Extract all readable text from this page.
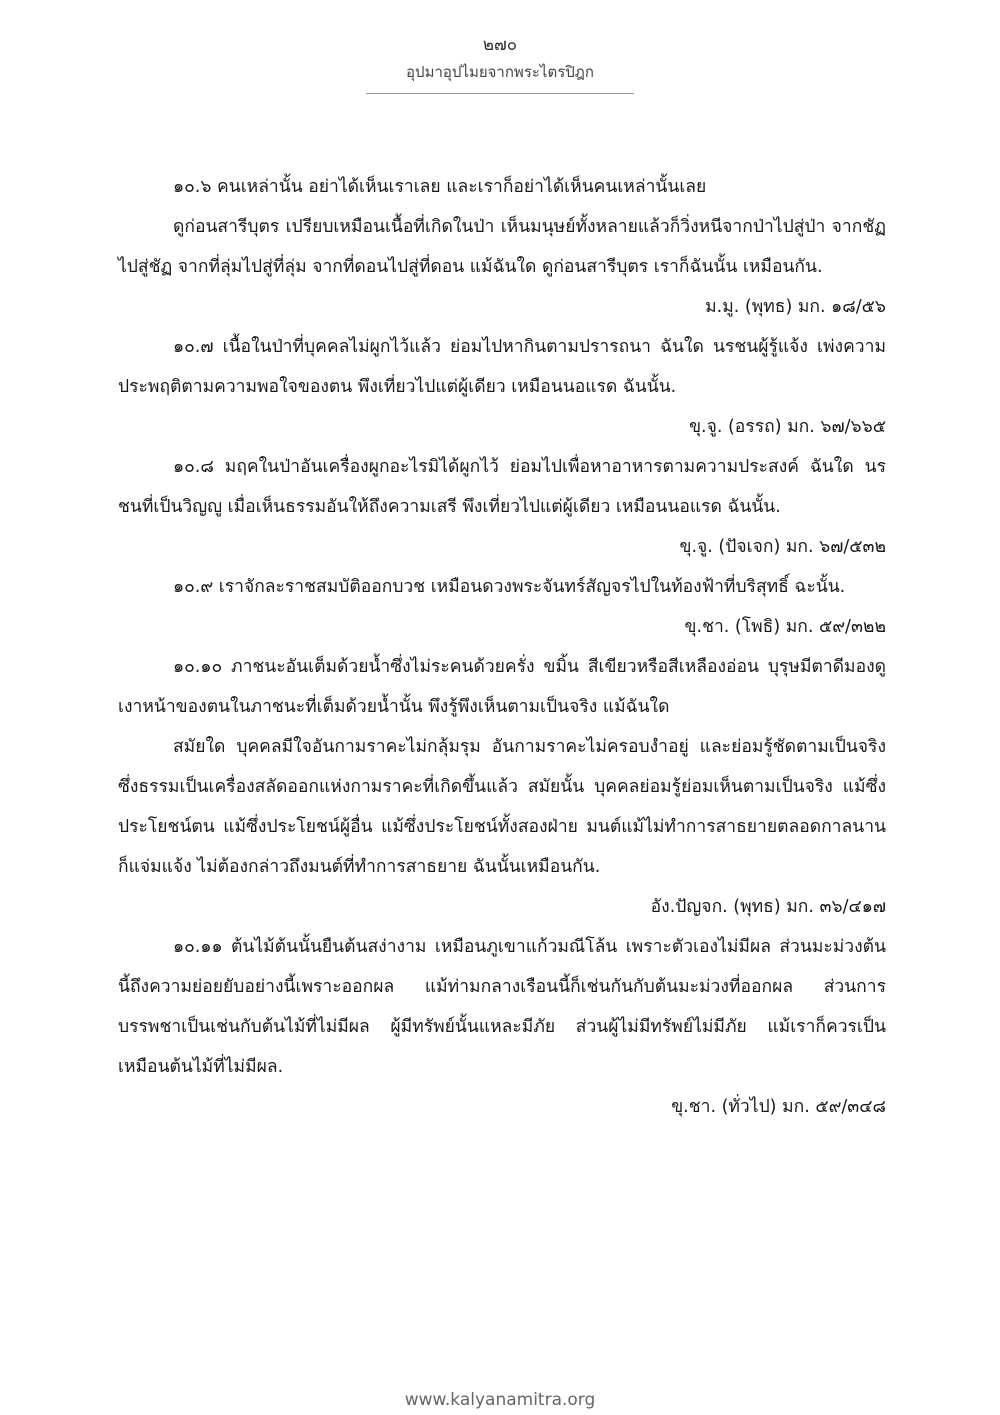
๒๗๐
อุปมาอุปไมยจากพระไตรปิฎก

๑๐.๖ คนเหล่านั้น อย่าได้เห็นเราเลย และเราก็อย่าได้เห็นคนเหล่านั้นเลย

ดูก่อนสารีบุตร เปรียบเหมือนเนื้อที่เกิดในป่า เห็นมนุษย์ทั้งหลายแล้วก็วิ่งหนีจากป่าไปสู่ป่า จากชัฏไปสู่ชัฏ จากที่ลุ่มไปสู่ที่ลุ่ม จากที่ดอนไปสู่ที่ดอน แม้ฉันใด ดูก่อนสารีบุตร เราก็ฉันนั้น เหมือนกัน.

ม.มู. (พุทธ) มก. ๑๘/๕๖

๑๐.๗ เนื้อในป่าที่บุคคลไม่ผูกไว้แล้ว ย่อมไปหากินตามปรารถนา ฉันใด นรชนผู้รู้แจ้ง เพ่งความประพฤติตามความพอใจของตน พึงเที่ยวไปแต่ผู้เดียว เหมือนนอแรด ฉันนั้น.

ขุ.จู. (อรรถ) มก. ๖๗/๖๖๕

๑๐.๘ มฤคในป่าอันเครื่องผูกอะไรมิได้ผูกไว้ ย่อมไปเพื่อหาอาหารตามความประสงค์ ฉันใด นรชนที่เป็นวิญญู เมื่อเห็นธรรมอันให้ถึงความเสรี พึงเที่ยวไปแต่ผู้เดียว เหมือนนอแรด ฉันนั้น.

ขุ.จู. (ปัจเจก) มก. ๖๗/๕๓๒

๑๐.๙ เราจักละราชสมบัติออกบวช เหมือนดวงพระจันทร์สัญจรไปในท้องฟ้าที่บริสุทธิ์ ฉะนั้น.

ขุ.ชา. (โพธิ) มก. ๕๙/๓๒๒

๑๐.๑๐ ภาชนะอันเต็มด้วยน้ำซึ่งไม่ระคนด้วยครั่ง ขมิ้น สีเขียวหรือสีเหลืองอ่อน บุรุษมีตาดีมองดูเงาหน้าของตนในภาชนะที่เต็มด้วยน้ำนั้น พึงรู้พึงเห็นตามเป็นจริง แม้ฉันใด

สมัยใด บุคคลมีใจอันกามราคะไม่กลุ้มรุม อันกามราคะไม่ครอบงำอยู่ และย่อมรู้ชัดตามเป็นจริง ซึ่งธรรมเป็นเครื่องสลัดออกแห่งกามราคะที่เกิดขึ้นแล้ว สมัยนั้น บุคคลย่อมรู้ย่อมเห็นตามเป็นจริง แม้ซึ่งประโยชน์ตน แม้ซึ่งประโยชน์ผู้อื่น แม้ซึ่งประโยชน์ทั้งสองฝ่าย มนต์แม้ไม่ทำการสาธยายตลอดกาลนานก็แจ่มแจ้ง ไม่ต้องกล่าวถึงมนต์ที่ทำการสาธยาย ฉันนั้นเหมือนกัน.

อัง.ปัญจก. (พุทธ) มก. ๓๖/๔๑๗

๑๐.๑๑ ต้นไม้ต้นนั้นยืนต้นสง่างาม เหมือนภูเขาแก้วมณีโล้น เพราะตัวเองไม่มีผล ส่วนมะม่วงต้นนี้ถึงความย่อยยับอย่างนี้เพราะออกผล แม้ท่ามกลางเรือนนี้ก็เช่นกันกับต้นมะม่วงที่ออกผล ส่วนการบรรพชาเป็นเช่นกับต้นไม้ที่ไม่มีผล ผู้มีทรัพย์นั้นแหละมีภัย ส่วนผู้ไม่มีทรัพย์ไม่มีภัย แม้เราก็ควรเป็นเหมือนต้นไม้ที่ไม่มีผล.

ขุ.ชา. (ทั่วไป) มก. ๕๙/๓๔๘

www.kalyanamitra.org
